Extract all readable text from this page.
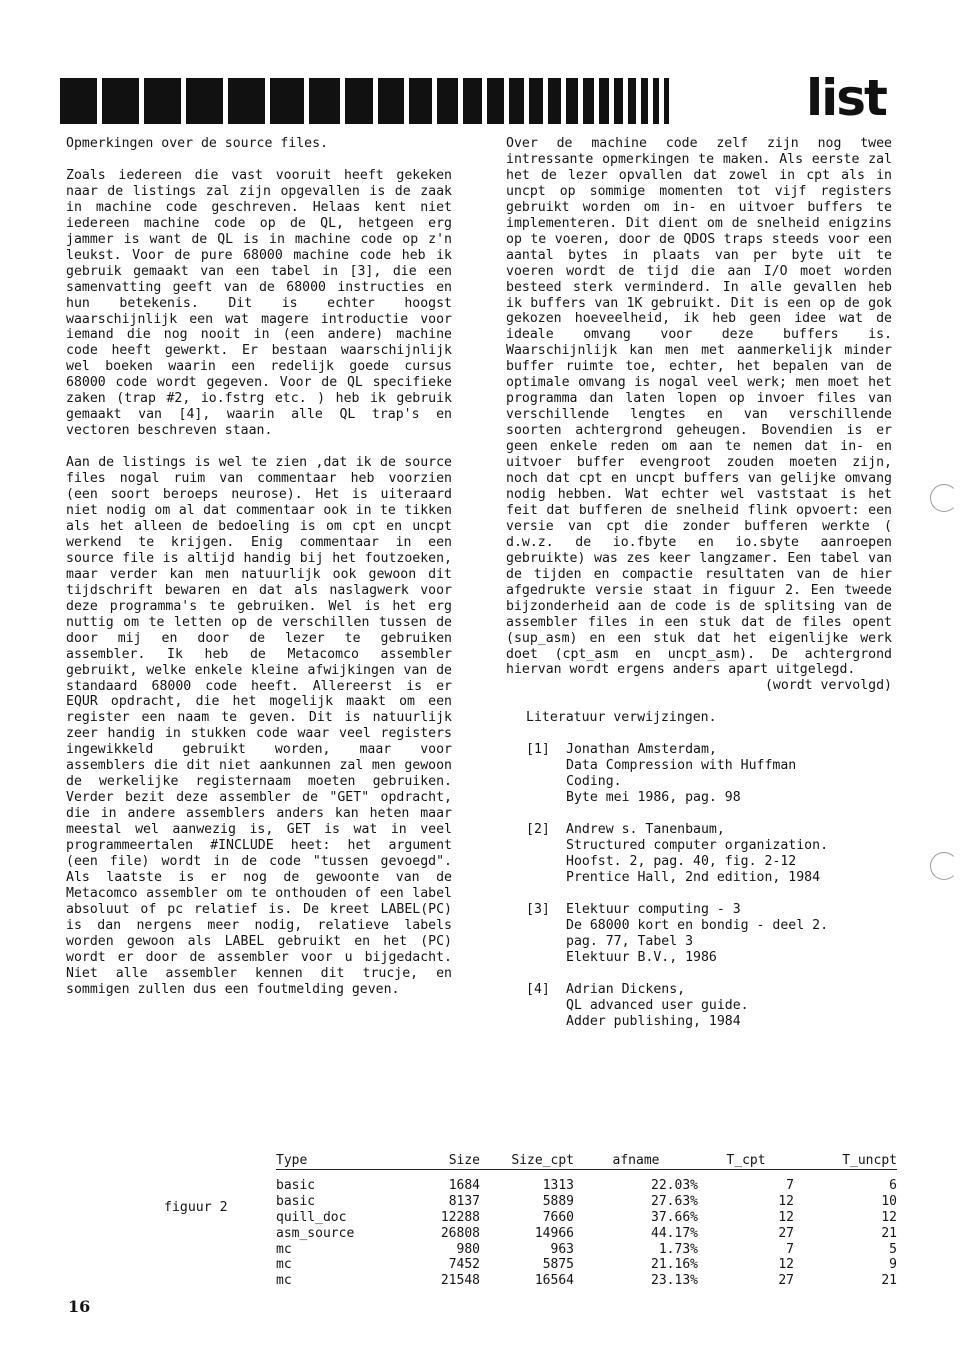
list
Opmerkingen over de source files.

Zoals iedereen die vast vooruit heeft gekeken naar de listings zal zijn opgevallen is de zaak in machine code geschreven. Helaas kent niet iedereen machine code op de QL, hetgeen erg jammer is want de QL is in machine code op z'n leukst. Voor de pure 68000 machine code heb ik gebruik gemaakt van een tabel in [3], die een samenvatting geeft van de 68000 instructies en hun betekenis. Dit is echter hoogst waarschijnlijk een wat magere introductie voor iemand die nog nooit in (een andere) machine code heeft gewerkt. Er bestaan waarschijnlijk wel boeken waarin een redelijk goede cursus 68000 code wordt gegeven. Voor de QL specifieke zaken (trap #2, io.fstrg etc. ) heb ik gebruik gemaakt van [4], waarin alle QL trap's en vectoren beschreven staan.

Aan de listings is wel te zien ,dat ik de source files nogal ruim van commentaar heb voorzien (een soort beroeps neurose). Het is uiteraard niet nodig om al dat commentaar ook in te tikken als het alleen de bedoeling is om cpt en uncpt werkend te krijgen. Enig commentaar in een source file is altijd handig bij het foutzoeken, maar verder kan men natuurlijk ook gewoon dit tijdschrift bewaren en dat als naslagwerk voor deze programma's te gebruiken. Wel is het erg nuttig om te letten op de verschillen tussen de door mij en door de lezer te gebruiken assembler. Ik heb de Metacomco assembler gebruikt, welke enkele kleine afwijkingen van de standaard 68000 code heeft. Allereerst is er EQUR opdracht, die het mogelijk maakt om een register een naam te geven. Dit is natuurlijk zeer handig in stukken code waar veel registers ingewikkeld gebruikt worden, maar voor assemblers die dit niet aankunnen zal men gewoon de werkelijke registernaam moeten gebruiken. Verder bezit deze assembler de "GET" opdracht, die in andere assemblers anders kan heten maar meestal wel aanwezig is, GET is wat in veel programmeertalen #INCLUDE heet: het argument (een file) wordt in de code "tussen gevoegd". Als laatste is er nog de gewoonte van de Metacomco assembler om te onthouden of een label absoluut of pc relatief is. De kreet LABEL(PC) is dan nergens meer nodig, relatieve labels worden gewoon als LABEL gebruikt en het (PC) wordt er door de assembler voor u bijgedacht. Niet alle assembler kennen dit trucje, en sommigen zullen dus een foutmelding geven.

Over de machine code zelf zijn nog twee intressante opmerkingen te maken. Als eerste zal het de lezer opvallen dat zowel in cpt als in uncpt op sommige momenten tot vijf registers gebruikt worden om in- en uitvoer buffers te implementeren. Dit dient om de snelheid enigzins op te voeren, door de QDOS traps steeds voor een aantal bytes in plaats van per byte uit te voeren wordt de tijd die aan I/O moet worden besteed sterk verminderd. In alle gevallen heb ik buffers van 1K gebruikt. Dit is een op de gok gekozen hoeveelheid, ik heb geen idee wat de ideale omvang voor deze buffers is. Waarschijnlijk kan men met aanmerkelijk minder buffer ruimte toe, echter, het bepalen van de optimale omvang is nogal veel werk; men moet het programma dan laten lopen op invoer files van verschillende lengtes en van verschillende soorten achtergrond geheugen. Bovendien is er geen enkele reden om aan te nemen dat in- en uitvoer buffer evengroot zouden moeten zijn, noch dat cpt en uncpt buffers van gelijke omvang nodig hebben. Wat echter wel vaststaat is het feit dat bufferen de snelheid flink opvoert: een versie van cpt die zonder bufferen werkte ( d.w.z. de io.fbyte en io.sbyte aanroepen gebruikte) was zes keer langzamer. Een tabel van de tijden en compactie resultaten van de hier afgedrukte versie staat in figuur 2. Een tweede bijzonderheid aan de code is de splitsing van de assembler files in een stuk dat de files opent (sup_asm) en een stuk dat het eigenlijke werk doet (cpt_asm en uncpt_asm). De achtergrond hiervan wordt ergens anders apart uitgelegd.

(wordt vervolgd)
Literatuur verwijzingen.
[1]	Jonathan Amsterdam,
Data Compression with Huffman
Coding.
Byte mei 1986, pag. 98
[2]	Andrew s. Tanenbaum,
Structured computer organization.
Hoofst. 2, pag. 40, fig. 2-12
Prentice Hall, 2nd edition, 1984
[3]	Elektuur computing - 3
De 68000 kort en bondig - deel 2.
pag. 77, Tabel 3
Elektuur B.V., 1986
[4]	Adrian Dickens,
QL advanced user guide.
Adder publishing, 1984
figuur 2
Type	Size	Size_cpt	afname	T_cpt	T_uncpt

basic	1684	1313	22.03%	7	6
basic	8137	5889	27.63%	12	10
quill_doc	12288	7660	37.66%	12	12
asm_source	26808	14966	44.17%	27	21
mc	980	963	1.73%	7	5
mc	7452	5875	21.16%	12	9
mc	21548	16564	23.13%	27	21
16
